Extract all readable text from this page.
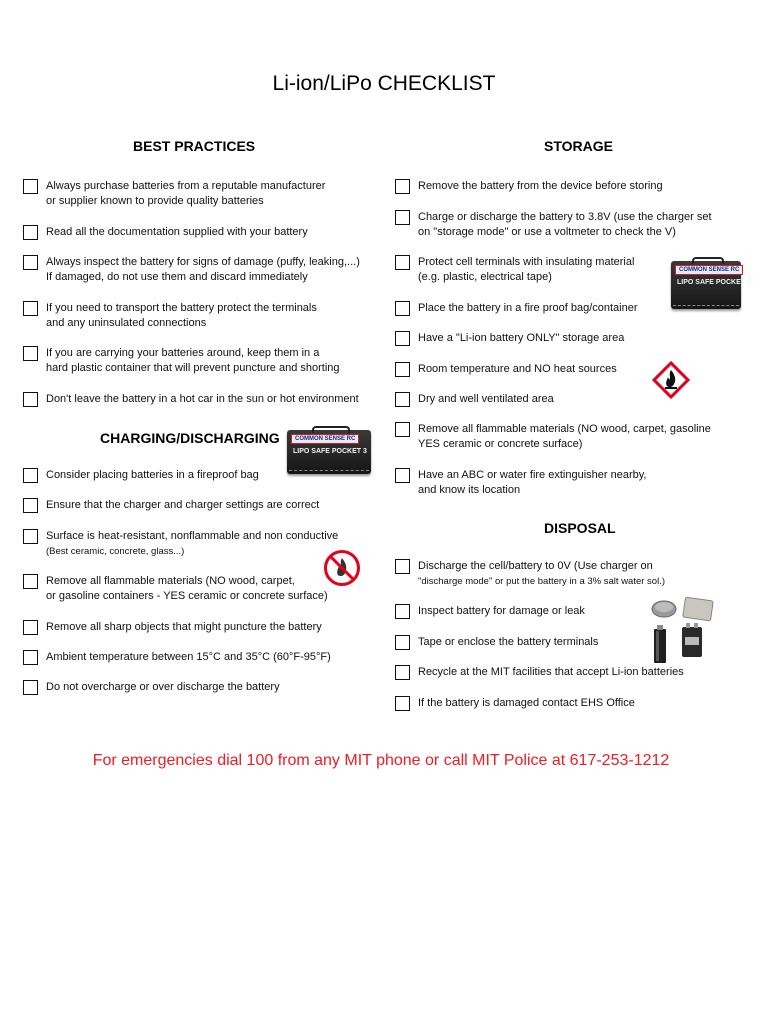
Li-ion/LiPo CHECKLIST
BEST PRACTICES
Always purchase batteries from a reputable manufacturer
or supplier known to provide quality batteries
Read all the documentation supplied with your battery
Always inspect the battery for signs of damage (puffy, leaking,...)
If damaged, do not use them and discard immediately
If you need to transport the battery protect the terminals
and any uninsulated connections
If you are carrying your batteries around, keep them in a
hard plastic container that will prevent puncture and shorting
Don't leave the battery in a hot car in the sun or hot environment
CHARGING/DISCHARGING	COMMON SENSE RC
LIPO SAFE POCKET 3
Consider placing batteries in a fireproof bag
Ensure that the charger and charger settings are correct
Surface is heat-resistant, nonflammable and non conductive
(Best ceramic, concrete, glass...)
Remove all flammable materials (NO wood, carpet,
or gasoline containers - YES ceramic or concrete surface)
Remove all sharp objects that might puncture the battery
Ambient temperature between 15°C and 35°C (60°F-95°F)
Do not overcharge or over discharge the battery
STORAGE
Remove the battery from the device before storing
Charge or discharge the battery to 3.8V (use the charger set
on "storage mode" or use a voltmeter to check the V)
Protect cell terminals with insulating material
(e.g. plastic, electrical tape)
COMMON SENSE RC
LIPO SAFE POCKET 3
Place the battery in a fire proof bag/container
Have a "Li-ion battery ONLY" storage area
Room temperature and NO heat sources
Dry and well ventilated area
Remove all flammable materials (NO wood, carpet, gasoline
YES ceramic or concrete surface)
Have an ABC or water fire extinguisher nearby,
and know its location
DISPOSAL
Discharge the cell/battery to 0V (Use charger on
"discharge mode" or put the battery in a 3% salt water sol.)
Inspect battery for damage or leak
Tape or enclose the battery terminals
Recycle at the MIT facilities that accept Li-ion batteries
If the battery is damaged contact EHS Office
For emergencies dial 100 from any MIT phone or call MIT Police at 617-253-1212
